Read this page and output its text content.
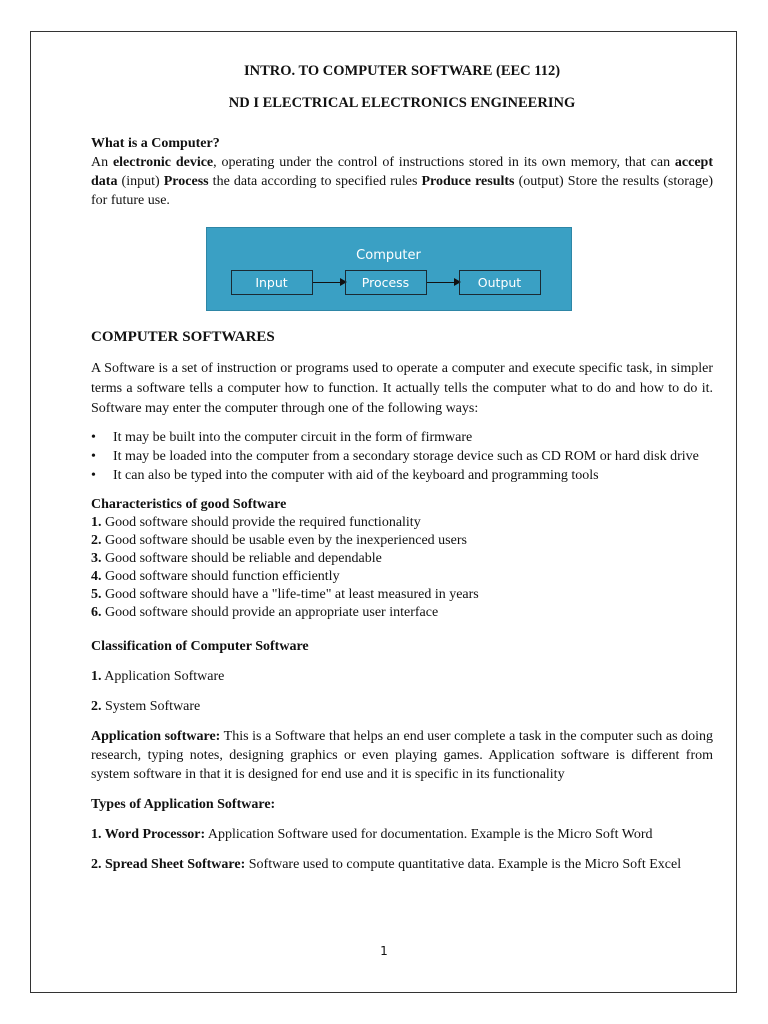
INTRO. TO COMPUTER SOFTWARE (EEC 112)

ND I ELECTRICAL ELECTRONICS ENGINEERING

What is a Computer?

An electronic device, operating under the control of instructions stored in its own memory, that can accept data (input) Process the data according to specified rules Produce results (output) Store the results (storage) for future use.

Computer
Input	Process	Output

COMPUTER SOFTWARES

A Software is a set of instruction or programs used to operate a computer and execute specific task, in simpler terms a software tells a computer how to function. It actually tells the computer what to do and how to do it. Software may enter the computer through one of the following ways:

• It may be built into the computer circuit in the form of firmware
• It may be loaded into the computer from a secondary storage device such as CD ROM or hard disk drive
• It can also be typed into the computer with aid of the keyboard and programming tools

Characteristics of good Software

1. Good software should provide the required functionality
2. Good software should be usable even by the inexperienced users
3. Good software should be reliable and dependable
4. Good software should function efficiently
5. Good software should have a "life-time" at least measured in years
6. Good software should provide an appropriate user interface

Classification of Computer Software

1. Application Software

2. System Software

Application software: This is a Software that helps an end user complete a task in the computer such as doing research, typing notes, designing graphics or even playing games. Application software is different from system software in that it is designed for end use and it is specific in its functionality

Types of Application Software:

1. Word Processor: Application Software used for documentation. Example is the Micro Soft Word

2. Spread Sheet Software: Software used to compute quantitative data. Example is the Micro Soft Excel

1
